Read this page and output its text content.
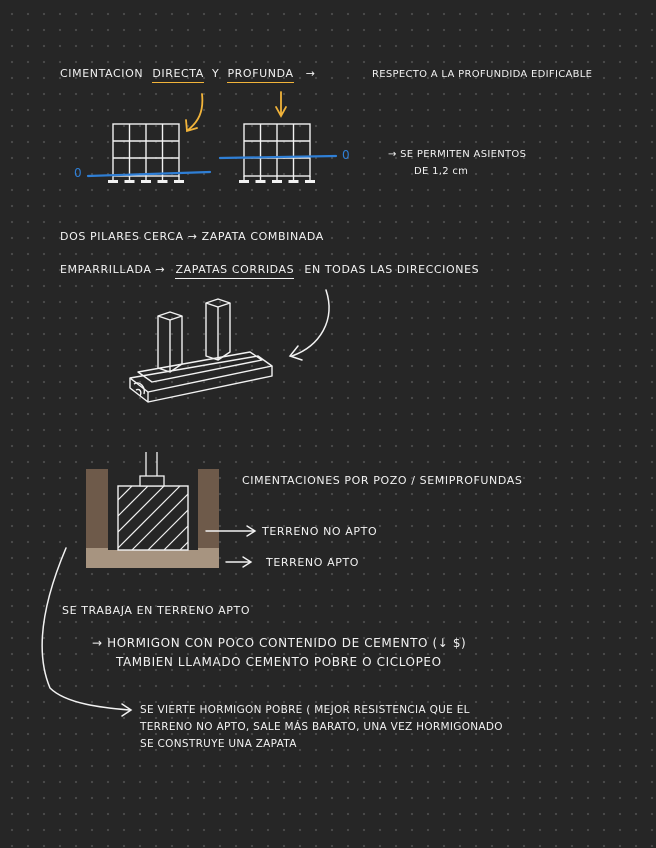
CIMENTACION DIRECTA Y PROFUNDA →	RESPECTO A LA PROFUNDIDA EDIFICABLE
0
0	→ SE PERMITEN ASIENTOS
DE 1,2 cm
DOS PILARES CERCA → ZAPATA COMBINADA
EMPARRILLADA → ZAPATAS CORRIDAS EN TODAS LAS DIRECCIONES
CIMENTACIONES POR POZO / SEMIPROFUNDAS
TERRENO NO APTO
TERRENO APTO
SE TRABAJA EN TERRENO APTO
→ HORMIGON CON POCO CONTENIDO DE CEMENTO (↓ $)
TAMBIEN LLAMADO CEMENTO POBRE O CICLOPEO
SE VIERTE HORMIGON POBRE ( MEJOR RESISTENCIA QUE EL
TERRENO NO APTO, SALE MÁS BARATO, UNA VEZ HORMIGONADO
SE CONSTRUYE UNA ZAPATA
